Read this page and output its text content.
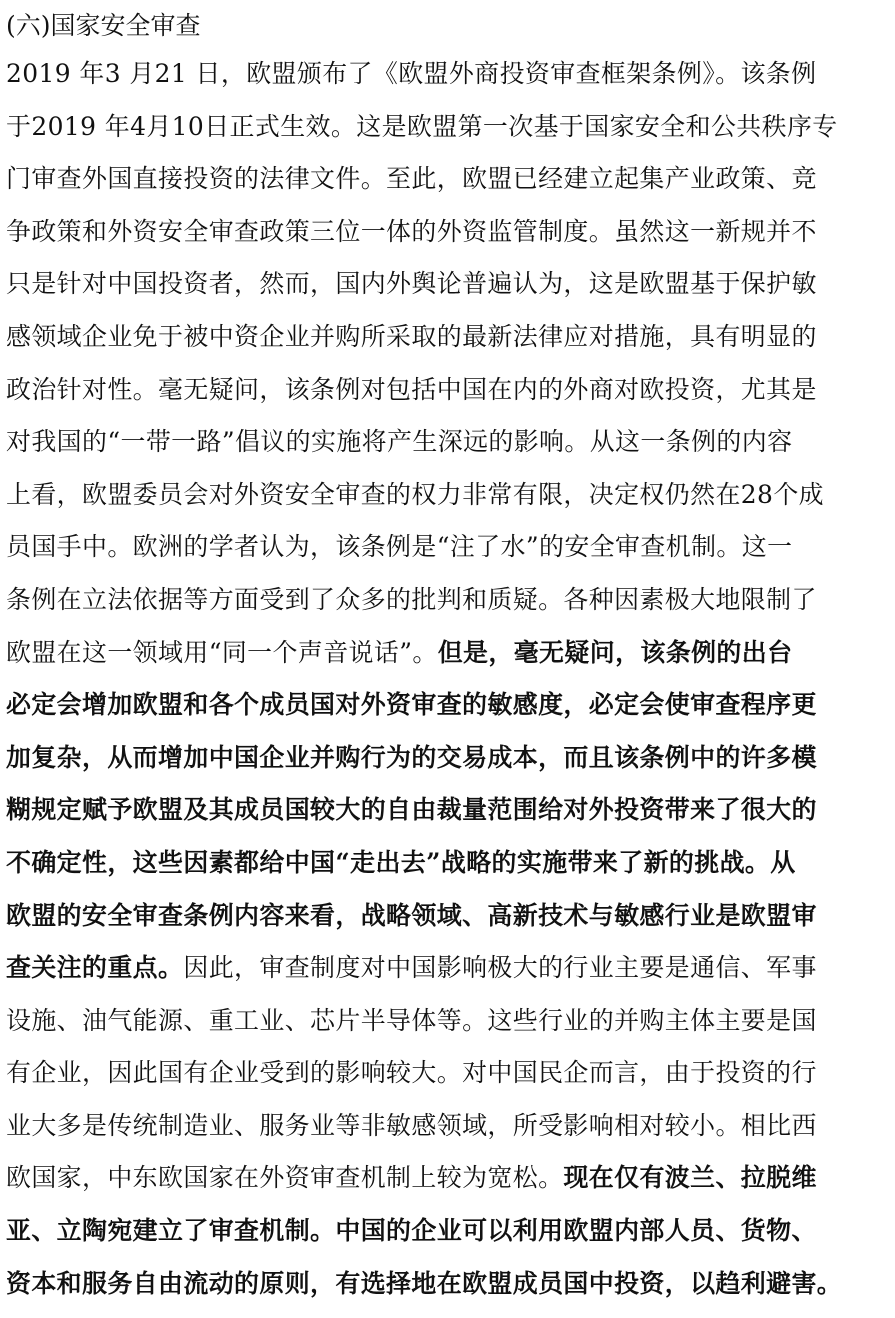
(六)国家安全审查
2019 年3 月21 日，欧盟颁布了《欧盟外商投资审查框架条例》。该条例
于2019 年4月10日正式生效。这是欧盟第一次基于国家安全和公共秩序专
门审查外国直接投资的法律文件。至此，欧盟已经建立起集产业政策、竞
争政策和外资安全审查政策三位一体的外资监管制度。虽然这一新规并不
只是针对中国投资者，然而，国内外舆论普遍认为，这是欧盟基于保护敏
感领域企业免于被中资企业并购所采取的最新法律应对措施，具有明显的
政治针对性。毫无疑问，该条例对包括中国在内的外商对欧投资，尤其是
对我国的“一带一路”倡议的实施将产生深远的影响。从这一条例的内容
上看，欧盟委员会对外资安全审查的权力非常有限，决定权仍然在28个成
员国手中。欧洲的学者认为，该条例是“注了水”的安全审查机制。这一
条例在立法依据等方面受到了众多的批判和质疑。各种因素极大地限制了
欧盟在这一领域用“同一个声音说话”。但是，毫无疑问，该条例的出台
必定会增加欧盟和各个成员国对外资审查的敏感度，必定会使审查程序更
加复杂，从而增加中国企业并购行为的交易成本，而且该条例中的许多模
糊规定赋予欧盟及其成员国较大的自由裁量范围给对外投资带来了很大的
不确定性，这些因素都给中国“走出去”战略的实施带来了新的挑战。从
欧盟的安全审查条例内容来看，战略领域、高新技术与敏感行业是欧盟审
查关注的重点。因此，审查制度对中国影响极大的行业主要是通信、军事
设施、油气能源、重工业、芯片半导体等。这些行业的并购主体主要是国
有企业，因此国有企业受到的影响较大。对中国民企而言，由于投资的行
业大多是传统制造业、服务业等非敏感领域，所受影响相对较小。相比西
欧国家，中东欧国家在外资审查机制上较为宽松。现在仅有波兰、拉脱维
亚、立陶宛建立了审查机制。中国的企业可以利用欧盟内部人员、货物、
资本和服务自由流动的原则，有选择地在欧盟成员国中投资，以趋利避害。
